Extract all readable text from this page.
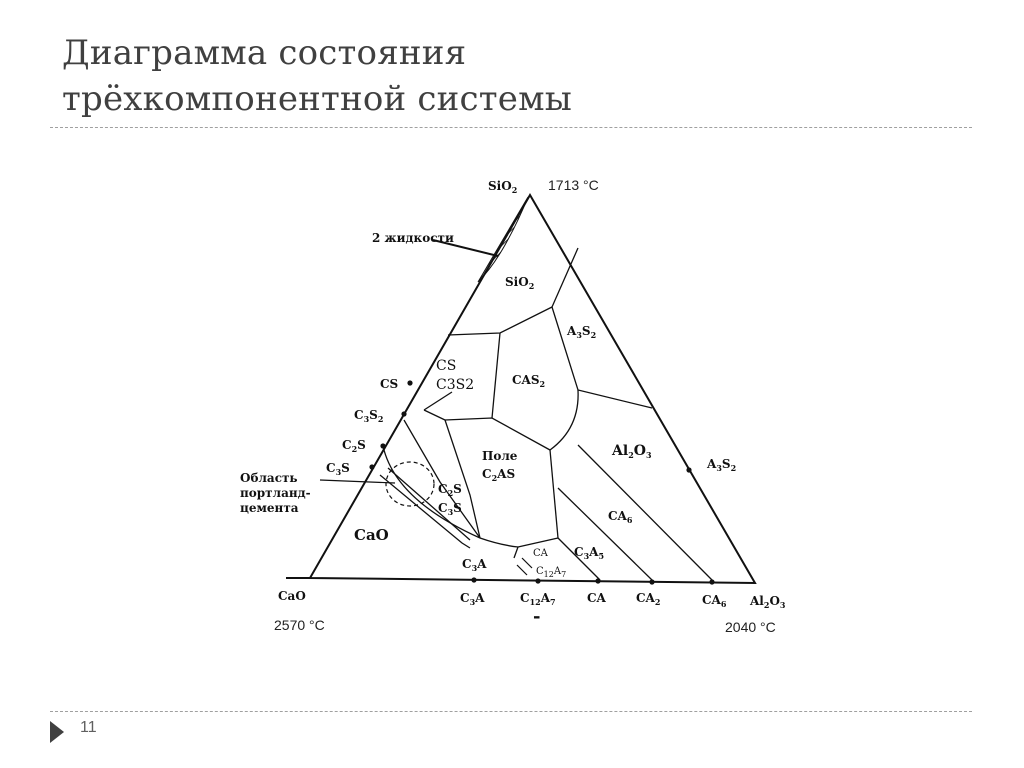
Диаграмма состояния
трёхкомпонентной системы
1713 °C
2570 °C	2040 °C
SiO$_2$
CaO	$Al_2O_3$
CS
$C_3S_2$
$C_2S$
$C_3S$
$C_3A$	$C_{12}A_7$	CA	$CA_2$	$CA_6$
$A_3S_2$
SiO$_2$
$A_3S_2$
$CAS_2$
CS
C3S2
Поле
$C_2AS$
$Al_2O_3$
$C_2S$
$C_3S$
CaO
$CA_6$
$C_3A_5$
$C_3A$
CA
$C_{12}A_7$
2 жидкости
Область
портланд-
цемента
-
11
